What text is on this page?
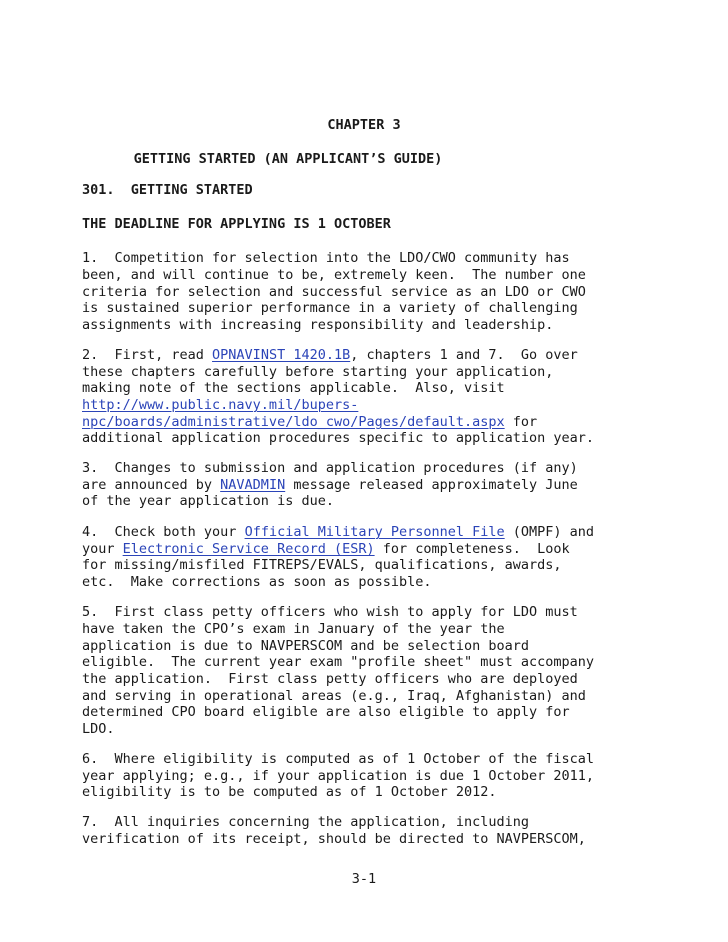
CHAPTER 3
GETTING STARTED (AN APPLICANT’S GUIDE)
301.  GETTING STARTED
THE DEADLINE FOR APPLYING IS 1 OCTOBER
1.  Competition for selection into the LDO/CWO community has
been, and will continue to be, extremely keen.  The number one
criteria for selection and successful service as an LDO or CWO
is sustained superior performance in a variety of challenging
assignments with increasing responsibility and leadership.
2.  First, read OPNAVINST 1420.1B, chapters 1 and 7.  Go over
these chapters carefully before starting your application,
making note of the sections applicable.  Also, visit
http://www.public.navy.mil/bupers-
npc/boards/administrative/ldo_cwo/Pages/default.aspx for
additional application procedures specific to application year.
3.  Changes to submission and application procedures (if any)
are announced by NAVADMIN message released approximately June
of the year application is due.
4.  Check both your Official Military Personnel File (OMPF) and
your Electronic Service Record (ESR) for completeness.  Look
for missing/misfiled FITREPS/EVALS, qualifications, awards,
etc.  Make corrections as soon as possible.
5.  First class petty officers who wish to apply for LDO must
have taken the CPO’s exam in January of the year the
application is due to NAVPERSCOM and be selection board
eligible.  The current year exam "profile sheet" must accompany
the application.  First class petty officers who are deployed
and serving in operational areas (e.g., Iraq, Afghanistan) and
determined CPO board eligible are also eligible to apply for
LDO.
6.  Where eligibility is computed as of 1 October of the fiscal
year applying; e.g., if your application is due 1 October 2011,
eligibility is to be computed as of 1 October 2012.
7.  All inquiries concerning the application, including
verification of its receipt, should be directed to NAVPERSCOM,
3-1
